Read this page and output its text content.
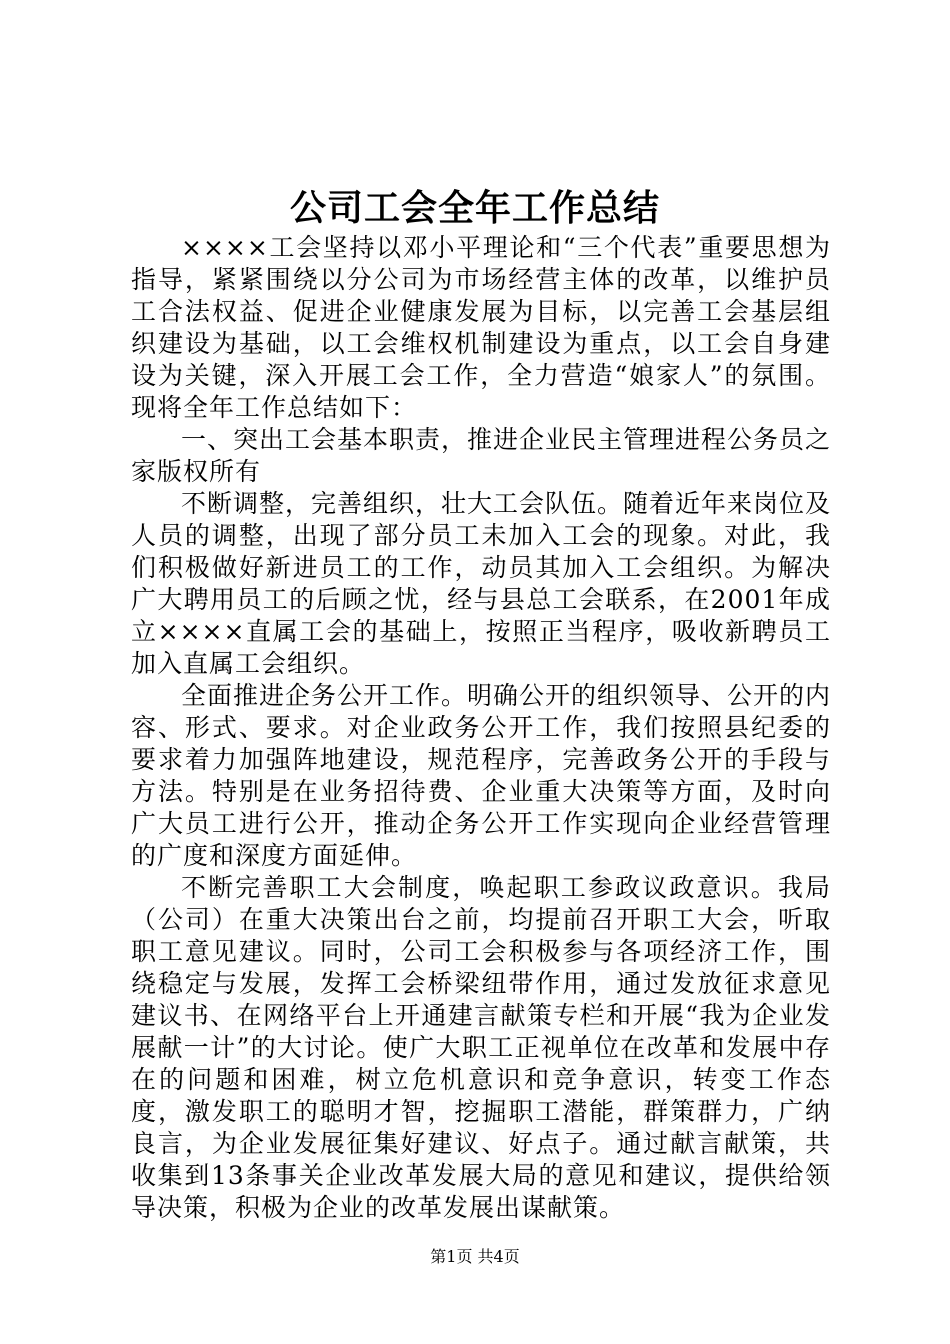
公司工会全年工作总结

××××工会坚持以邓小平理论和“三个代表”重要思想为指导，紧紧围绕以分公司为市场经营主体的改革，以维护员工合法权益、促进企业健康发展为目标，以完善工会基层组织建设为基础，以工会维权机制建设为重点，以工会自身建设为关键，深入开展工会工作，全力营造“娘家人”的氛围。现将全年工作总结如下：

一、突出工会基本职责，推进企业民主管理进程公务员之家版权所有

不断调整，完善组织，壮大工会队伍。随着近年来岗位及人员的调整，出现了部分员工未加入工会的现象。对此，我们积极做好新进员工的工作，动员其加入工会组织。为解决广大聘用员工的后顾之忧，经与县总工会联系，在2001年成立××××直属工会的基础上，按照正当程序，吸收新聘员工加入直属工会组织。

全面推进企务公开工作。明确公开的组织领导、公开的内容、形式、要求。对企业政务公开工作，我们按照县纪委的要求着力加强阵地建设，规范程序，完善政务公开的手段与方法。特别是在业务招待费、企业重大决策等方面，及时向广大员工进行公开，推动企务公开工作实现向企业经营管理的广度和深度方面延伸。

不断完善职工大会制度，唤起职工参政议政意识。我局（公司）在重大决策出台之前，均提前召开职工大会，听取职工意见建议。同时，公司工会积极参与各项经济工作，围绕稳定与发展，发挥工会桥梁纽带作用，通过发放征求意见建议书、在网络平台上开通建言献策专栏和开展“我为企业发展献一计”的大讨论。使广大职工正视单位在改革和发展中存在的问题和困难，树立危机意识和竞争意识，转变工作态度，激发职工的聪明才智，挖掘职工潜能，群策群力，广纳良言，为企业发展征集好建议、好点子。通过献言献策，共收集到13条事关企业改革发展大局的意见和建议，提供给领导决策，积极为企业的改革发展出谋献策。

第1页 共4页
